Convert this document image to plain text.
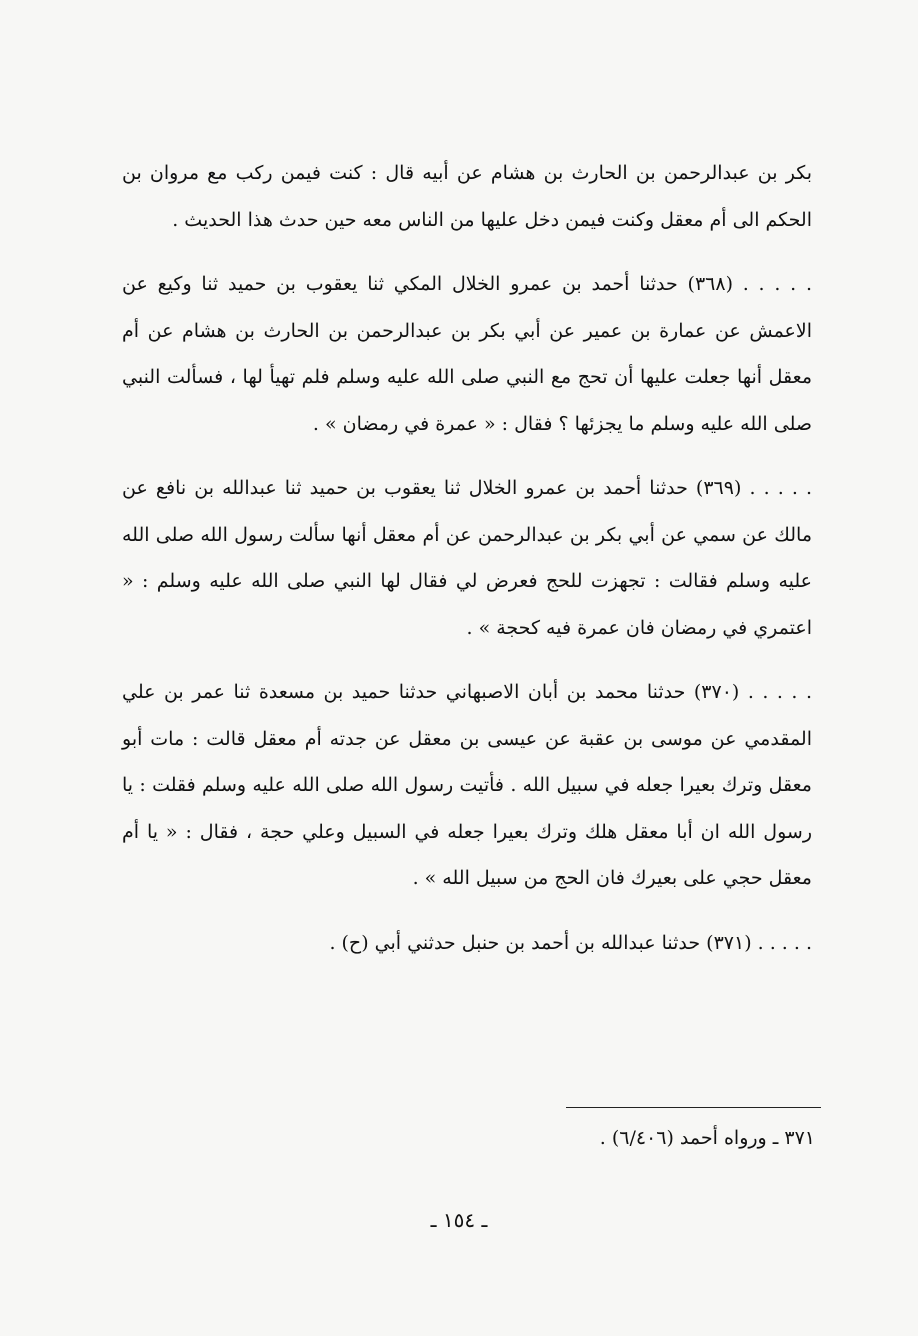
بكر بن عبدالرحمن بن الحارث بن هشام عن أبيه قال : كنت فيمن ركب مع مروان بن الحكم الى أم معقل وكنت فيمن دخل عليها من الناس معه حين حدث هذا الحديث .

. . . . . (٣٦٨) حدثنا أحمد بن عمرو الخلال المكي ثنا يعقوب بن حميد ثنا وكيع عن الاعمش عن عمارة بن عمير عن أبي بكر بن عبدالرحمن بن الحارث بن هشام عن أم معقل أنها جعلت عليها أن تحج مع النبي صلى الله عليه وسلم فلم تهيأ لها ، فسألت النبي صلى الله عليه وسلم ما يجزئها ؟ فقال : « عمرة في رمضان » .

. . . . . (٣٦٩) حدثنا أحمد بن عمرو الخلال ثنا يعقوب بن حميد ثنا عبدالله بن نافع عن مالك عن سمي عن أبي بكر بن عبدالرحمن عن أم معقل أنها سألت رسول الله صلى الله عليه وسلم فقالت : تجهزت للحج فعرض لي فقال لها النبي صلى الله عليه وسلم : « اعتمري في رمضان فان عمرة فيه كحجة » .

. . . . . (٣٧٠) حدثنا محمد بن أبان الاصبهاني حدثنا حميد بن مسعدة ثنا عمر بن علي المقدمي عن موسى بن عقبة عن عيسى بن معقل عن جدته أم معقل قالت : مات أبو معقل وترك بعيرا جعله في سبيل الله . فأتيت رسول الله صلى الله عليه وسلم فقلت : يا رسول الله ان أبا معقل هلك وترك بعيرا جعله في السبيل وعلي حجة ، فقال : « يا أم معقل حجي على بعيرك فان الحج من سبيل الله » .

. . . . . (٣٧١) حدثنا عبدالله بن أحمد بن حنبل حدثني أبي (ح) .

٣٧١ ـ ورواه أحمد (٦/٤٠٦) .
ـ ١٥٤ ـ
